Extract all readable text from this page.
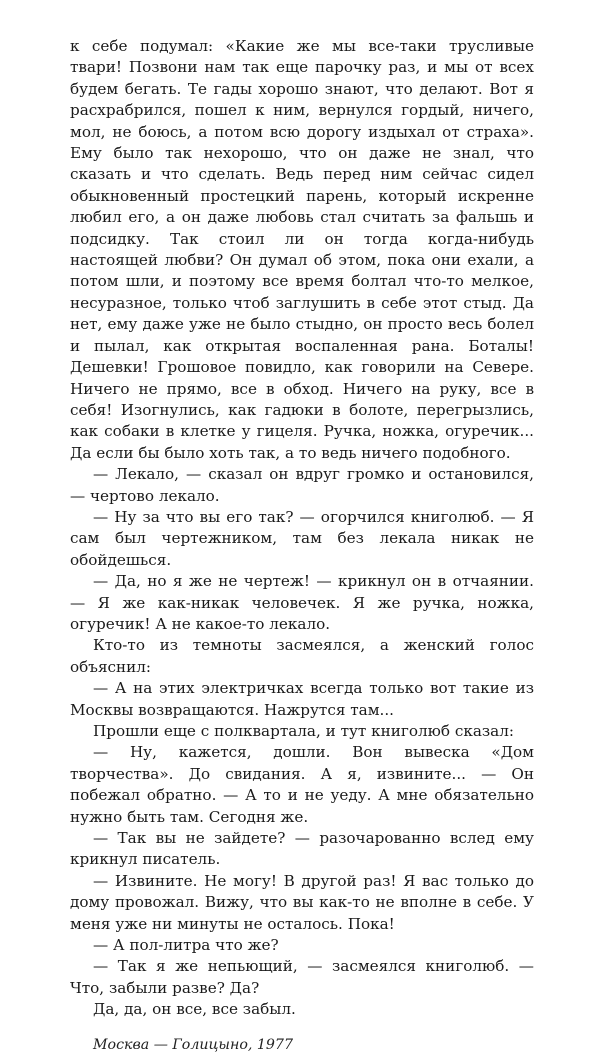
к себе подумал: «Какие же мы все-таки трусливые твари! Позвони нам так еще парочку раз, и мы от всех будем бегать. Те гады хорошо знают, что делают. Вот я расхрабрился, пошел к ним, вернулся гордый, ничего, мол, не боюсь, а потом всю дорогу издыхал от страха». Ему было так нехорошо, что он даже не знал, что сказать и что сделать. Ведь перед ним сейчас сидел обыкновенный простецкий парень, который искренне любил его, а он даже любовь стал считать за фальшь и подсидку. Так стоил ли он тогда когда-нибудь настоящей любви? Он думал об этом, пока они ехали, а потом шли, и поэтому все время болтал что-то мелкое, несуразное, только чтоб заглушить в себе этот стыд. Да нет, ему даже уже не было стыдно, он просто весь болел и пылал, как открытая воспаленная рана. Боталы! Дешевки! Грошовое повидло, как говорили на Севере. Ничего не прямо, все в обход. Ничего на руку, все в себя! Изогнулись, как гадюки в болоте, перегрызлись, как собаки в клетке у гицеля. Ручка, ножка, огуречик... Да если бы было хоть так, а то ведь ничего подобного.

— Лекало, — сказал он вдруг громко и остановился, — чертово лекало.

— Ну за что вы его так? — огорчился книголюб. — Я сам был чертежником, там без лекала никак не обойдешься.

— Да, но я же не чертеж! — крикнул он в отчаянии. — Я же как-никак человечек. Я же ручка, ножка, огуречик! А не какое-то лекало.

Кто-то из темноты засмеялся, а женский голос объяснил:

— А на этих электричках всегда только вот такие из Москвы возвращаются. Нажрутся там...

Прошли еще с полквартала, и тут книголюб сказал:

— Ну, кажется, дошли. Вон вывеска «Дом творчества». До свидания. А я, извините... — Он побежал обратно. — А то и не уеду. А мне обязательно нужно быть там. Сегодня же.

— Так вы не зайдете? — разочарованно вслед ему крикнул писатель.

— Извините. Не могу! В другой раз! Я вас только до дому провожал. Вижу, что вы как-то не вполне в себе. У меня уже ни минуты не осталось. Пока!

— А пол-литра что же?

— Так я же непьющий, — засмеялся книголюб. — Что, забыли разве? Да?

Да, да, он все, все забыл.

Москва — Голицыно, 1977
